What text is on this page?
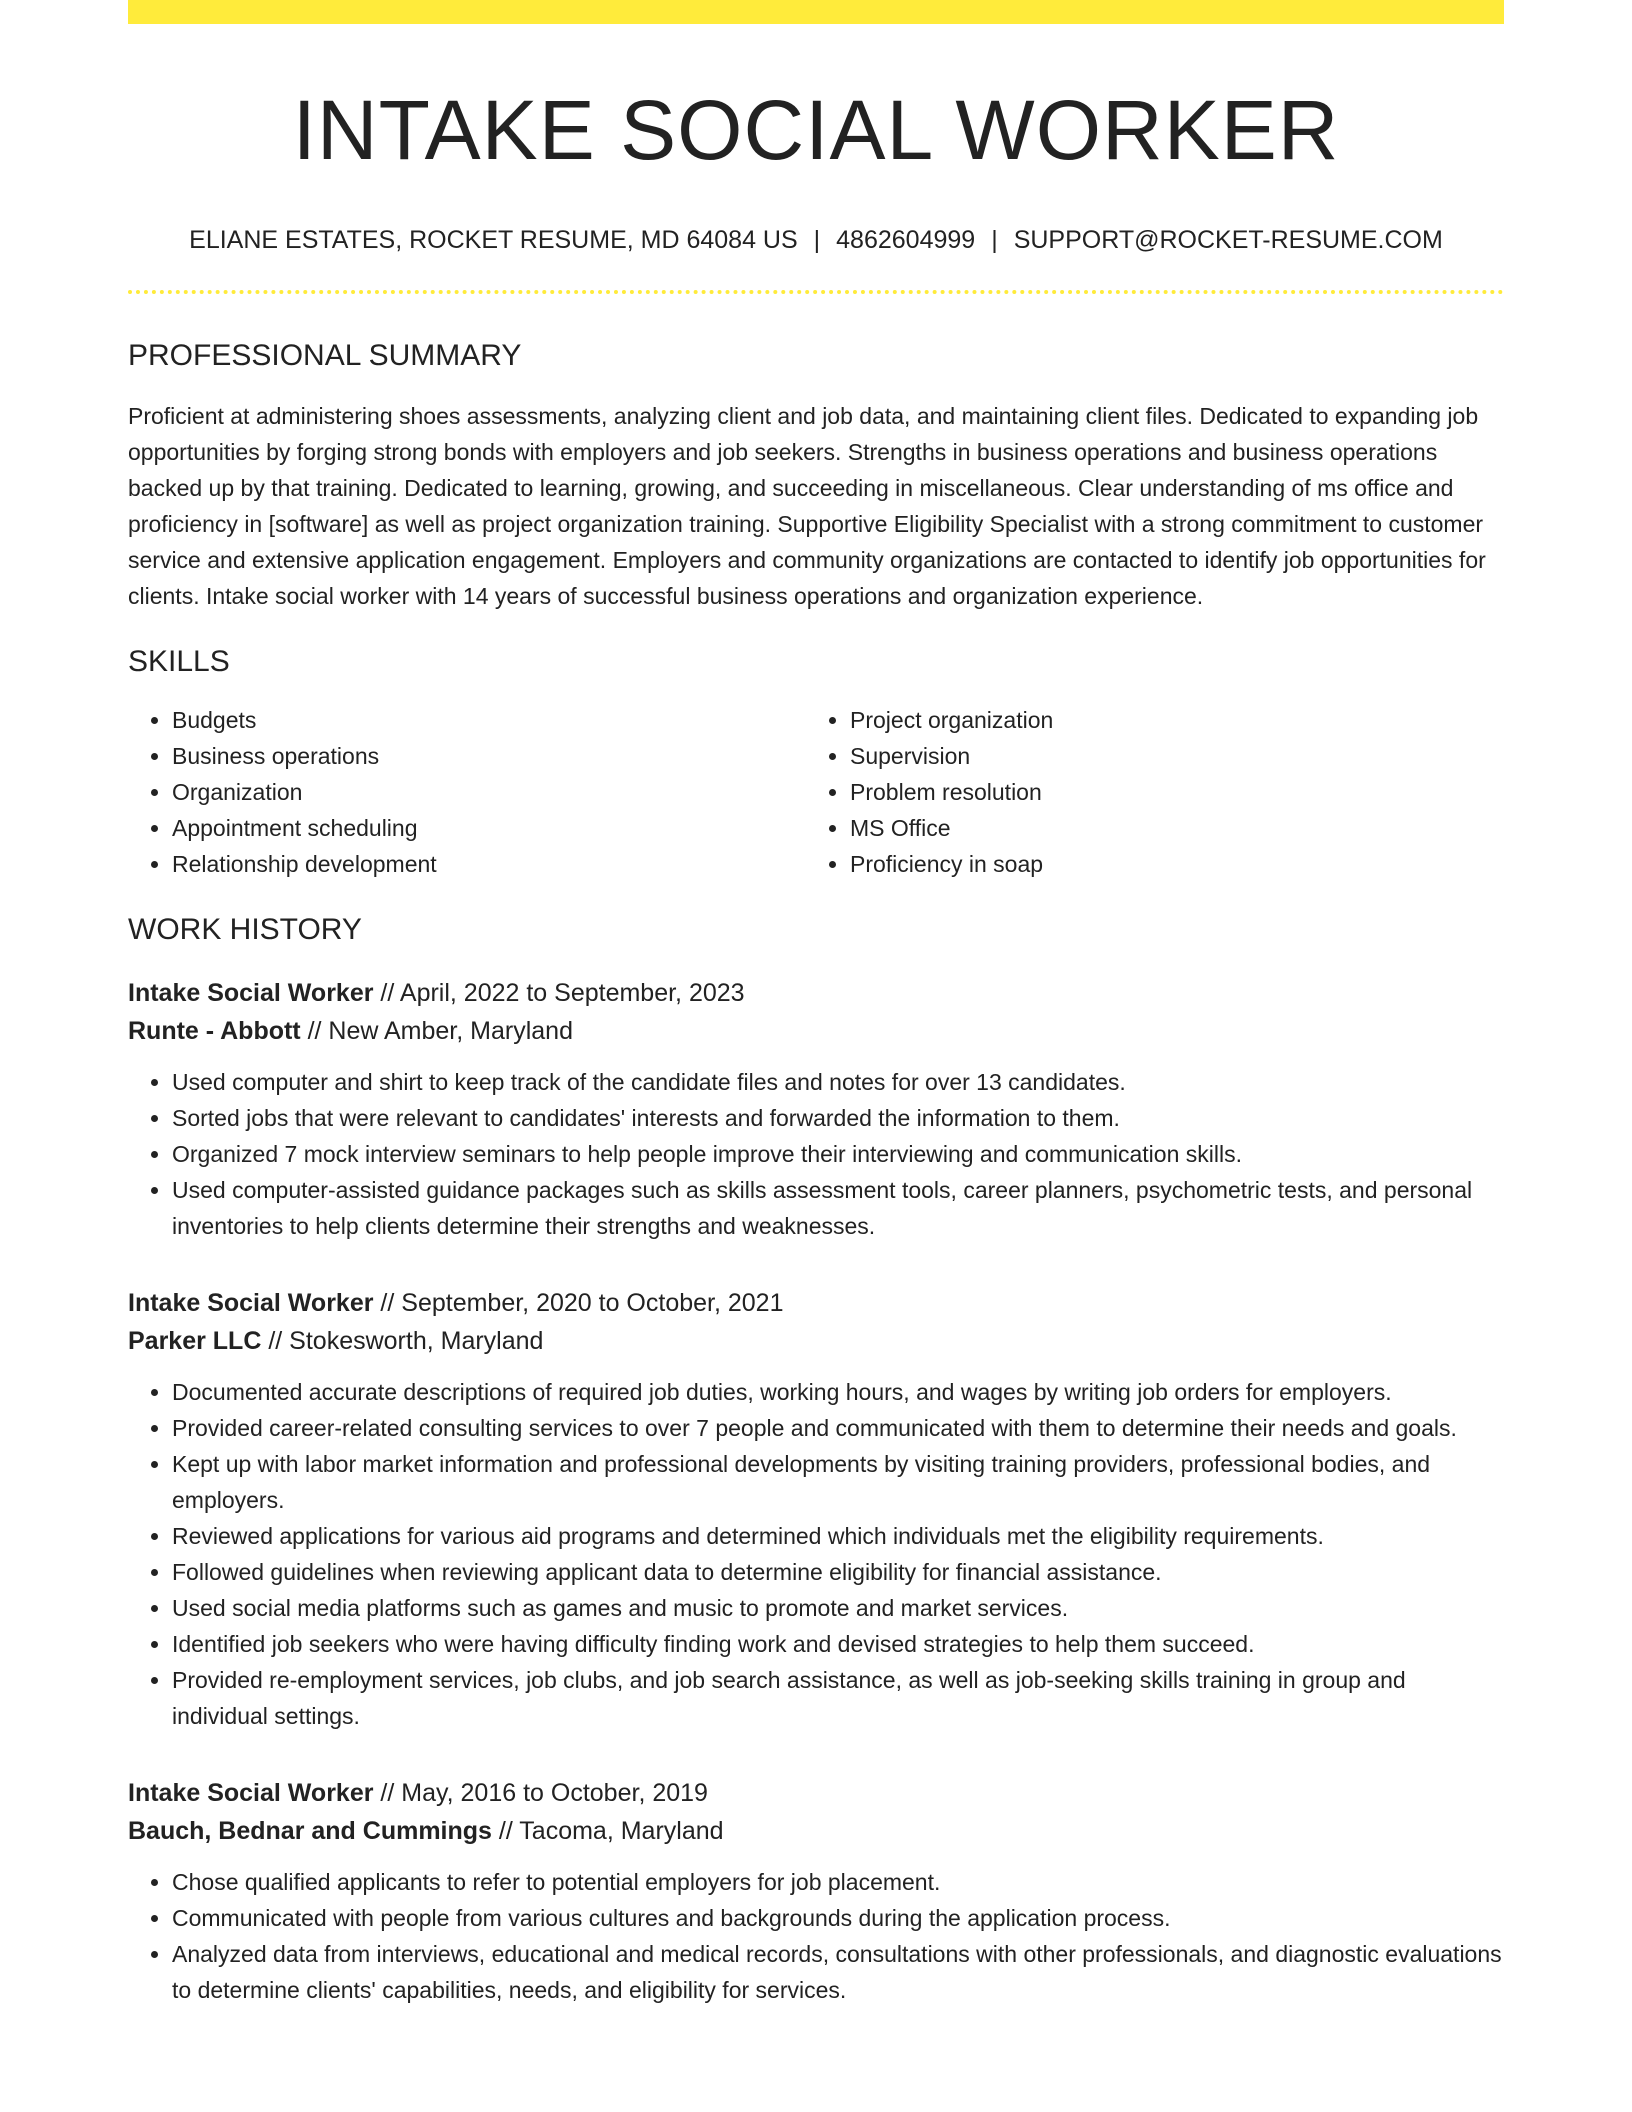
INTAKE SOCIAL WORKER
ELIANE ESTATES, ROCKET RESUME, MD 64084 US | 4862604999 | SUPPORT@ROCKET-RESUME.COM
PROFESSIONAL SUMMARY

Proficient at administering shoes assessments, analyzing client and job data, and maintaining client files. Dedicated to expanding job opportunities by forging strong bonds with employers and job seekers. Strengths in business operations and business operations backed up by that training. Dedicated to learning, growing, and succeeding in miscellaneous. Clear understanding of ms office and proficiency in [software] as well as project organization training. Supportive Eligibility Specialist with a strong commitment to customer service and extensive application engagement. Employers and community organizations are contacted to identify job opportunities for clients. Intake social worker with 14 years of successful business operations and organization experience.

SKILLS
• Budgets
• Business operations
• Organization
• Appointment scheduling
• Relationship development
• Project organization
• Supervision
• Problem resolution
• MS Office
• Proficiency in soap
WORK HISTORY
Intake Social Worker // April, 2022 to September, 2023
Runte - Abbott // New Amber, Maryland
• Used computer and shirt to keep track of the candidate files and notes for over 13 candidates.
• Sorted jobs that were relevant to candidates' interests and forwarded the information to them.
• Organized 7 mock interview seminars to help people improve their interviewing and communication skills.
• Used computer-assisted guidance packages such as skills assessment tools, career planners, psychometric tests, and personal inventories to help clients determine their strengths and weaknesses.
Intake Social Worker // September, 2020 to October, 2021
Parker LLC // Stokesworth, Maryland
• Documented accurate descriptions of required job duties, working hours, and wages by writing job orders for employers.
• Provided career-related consulting services to over 7 people and communicated with them to determine their needs and goals.
• Kept up with labor market information and professional developments by visiting training providers, professional bodies, and employers.
• Reviewed applications for various aid programs and determined which individuals met the eligibility requirements.
• Followed guidelines when reviewing applicant data to determine eligibility for financial assistance.
• Used social media platforms such as games and music to promote and market services.
• Identified job seekers who were having difficulty finding work and devised strategies to help them succeed.
• Provided re-employment services, job clubs, and job search assistance, as well as job-seeking skills training in group and individual settings.
Intake Social Worker // May, 2016 to October, 2019
Bauch, Bednar and Cummings // Tacoma, Maryland
• Chose qualified applicants to refer to potential employers for job placement.
• Communicated with people from various cultures and backgrounds during the application process.
• Analyzed data from interviews, educational and medical records, consultations with other professionals, and diagnostic evaluations to determine clients' capabilities, needs, and eligibility for services.
